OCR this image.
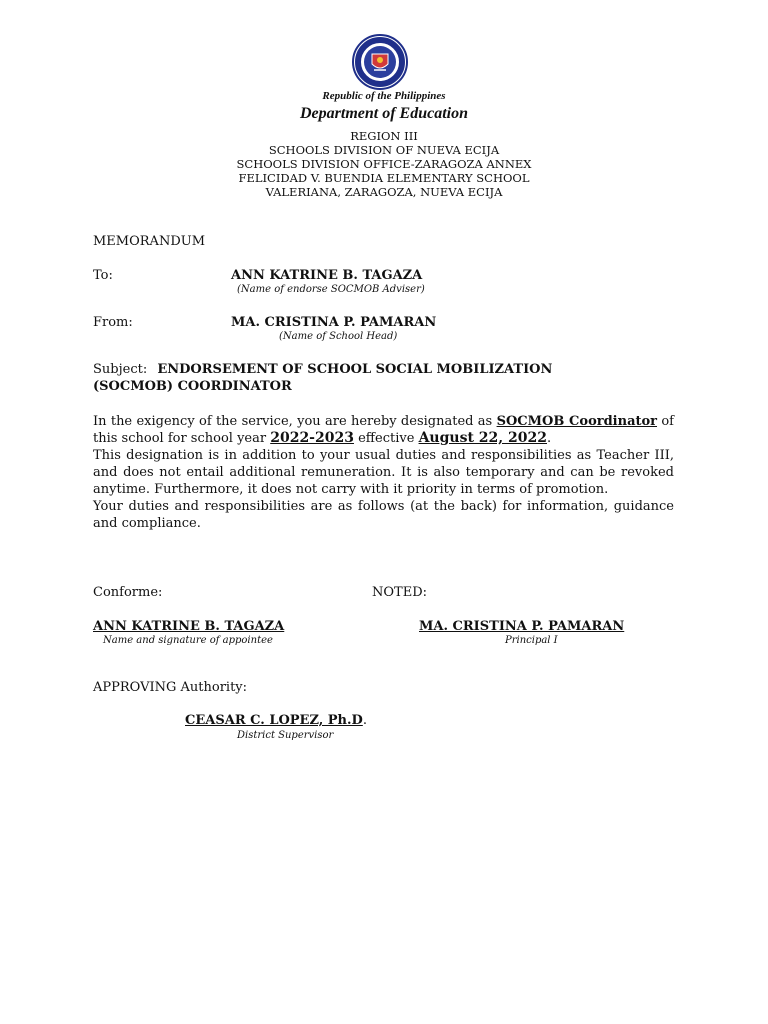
Republic of the Philippines
Department of Education
REGION III
SCHOOLS DIVISION OF NUEVA ECIJA
SCHOOLS DIVISION OFFICE-ZARAGOZA ANNEX
FELICIDAD V. BUENDIA ELEMENTARY SCHOOL
VALERIANA, ZARAGOZA, NUEVA ECIJA
MEMORANDUM
To:	ANN KATRINE B. TAGAZA
(Name of endorse SOCMOB Adviser)
From:	MA. CRISTINA P. PAMARAN
(Name of School Head)
Subject: ENDORSEMENT OF SCHOOL SOCIAL MOBILIZATION
(SOCMOB) COORDINATOR

In the exigency of the service, you are hereby designated as SOCMOB Coordinator of this school for school year 2022-2023 effective August 22, 2022.

This designation is in addition to your usual duties and responsibilities as Teacher III, and does not entail additional remuneration. It is also temporary and can be revoked anytime. Furthermore, it does not carry with it priority in terms of promotion.

Your duties and responsibilities are as follows (at the back) for information, guidance and compliance.

Conforme:	NOTED:
ANN KATRINE B. TAGAZA
Name and signature of appointee
MA. CRISTINA P. PAMARAN
Principal I
APPROVING Authority:
CEASAR C. LOPEZ, Ph.D.
District Supervisor
